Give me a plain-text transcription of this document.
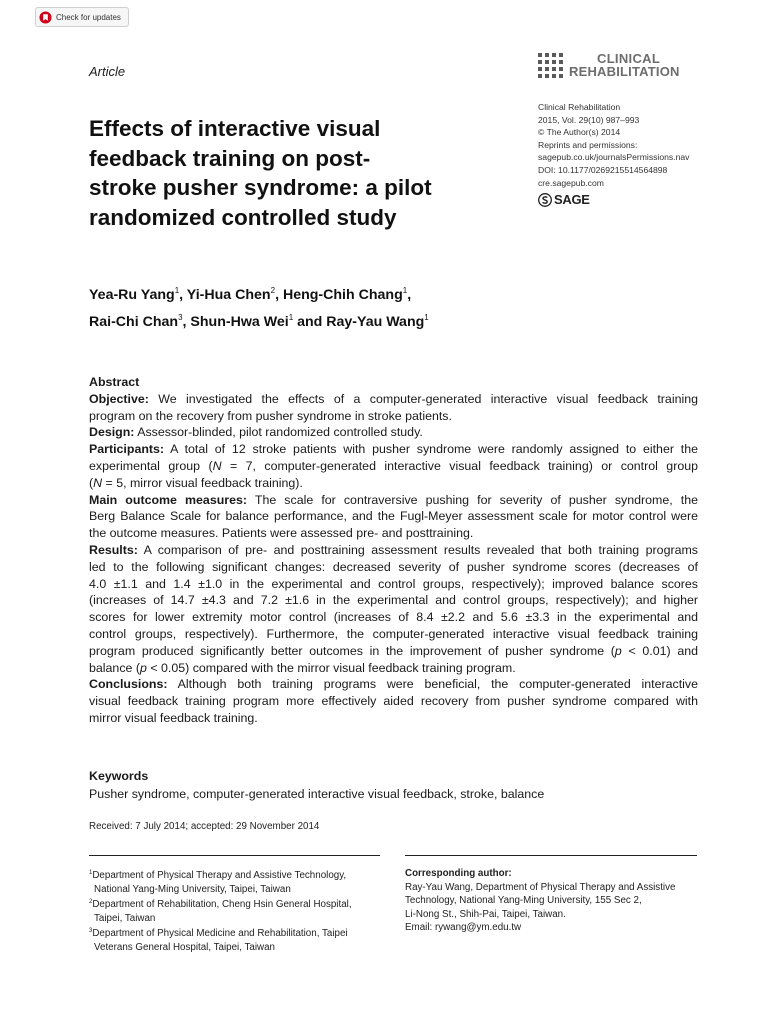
Check for updates
Article
CLINICAL
REHABILITATION
Clinical Rehabilitation
2015, Vol. 29(10) 987–993
© The Author(s) 2014
Reprints and permissions:
sagepub.co.uk/journalsPermissions.nav
DOI: 10.1177/0269215514564898
cre.sagepub.com
SAGE
Effects of interactive visual
feedback training on post-
stroke pusher syndrome: a pilot
randomized controlled study
Yea-Ru Yang$^1$, Yi-Hua Chen$^2$, Heng-Chih Chang$^1$,
Rai-Chi Chan$^3$, Shun-Hwa Wei$^1$ and Ray-Yau Wang$^1$
Abstract
Objective: We investigated the effects of a computer-generated interactive visual feedback training
program on the recovery from pusher syndrome in stroke patients.
Design: Assessor-blinded, pilot randomized controlled study.
Participants: A total of 12 stroke patients with pusher syndrome were randomly assigned to either the
experimental group (N = 7, computer-generated interactive visual feedback training) or control group
(N = 5, mirror visual feedback training).
Main outcome measures: The scale for contraversive pushing for severity of pusher syndrome, the
Berg Balance Scale for balance performance, and the Fugl-Meyer assessment scale for motor control were
the outcome measures. Patients were assessed pre- and posttraining.
Results: A comparison of pre- and posttraining assessment results revealed that both training programs
led to the following significant changes: decreased severity of pusher syndrome scores (decreases of
4.0 ±1.1 and 1.4 ±1.0 in the experimental and control groups, respectively); improved balance scores
(increases of 14.7 ±4.3 and 7.2 ±1.6 in the experimental and control groups, respectively); and higher
scores for lower extremity motor control (increases of 8.4 ±2.2 and 5.6 ±3.3 in the experimental and
control groups, respectively). Furthermore, the computer-generated interactive visual feedback training
program produced significantly better outcomes in the improvement of pusher syndrome (p < 0.01) and
balance (p < 0.05) compared with the mirror visual feedback training program.
Conclusions: Although both training programs were beneficial, the computer-generated interactive
visual feedback training program more effectively aided recovery from pusher syndrome compared with
mirror visual feedback training.
Keywords
Pusher syndrome, computer-generated interactive visual feedback, stroke, balance
Received: 7 July 2014; accepted: 29 November 2014
$^1$Department of Physical Therapy and Assistive Technology,
National Yang-Ming University, Taipei, Taiwan
$^2$Department of Rehabilitation, Cheng Hsin General Hospital,
Taipei, Taiwan
$^3$Department of Physical Medicine and Rehabilitation, Taipei
Veterans General Hospital, Taipei, Taiwan
Corresponding author:
Ray-Yau Wang, Department of Physical Therapy and Assistive
Technology, National Yang-Ming University, 155 Sec 2,
Li-Nong St., Shih-Pai, Taipei, Taiwan.
Email: rywang@ym.edu.tw
